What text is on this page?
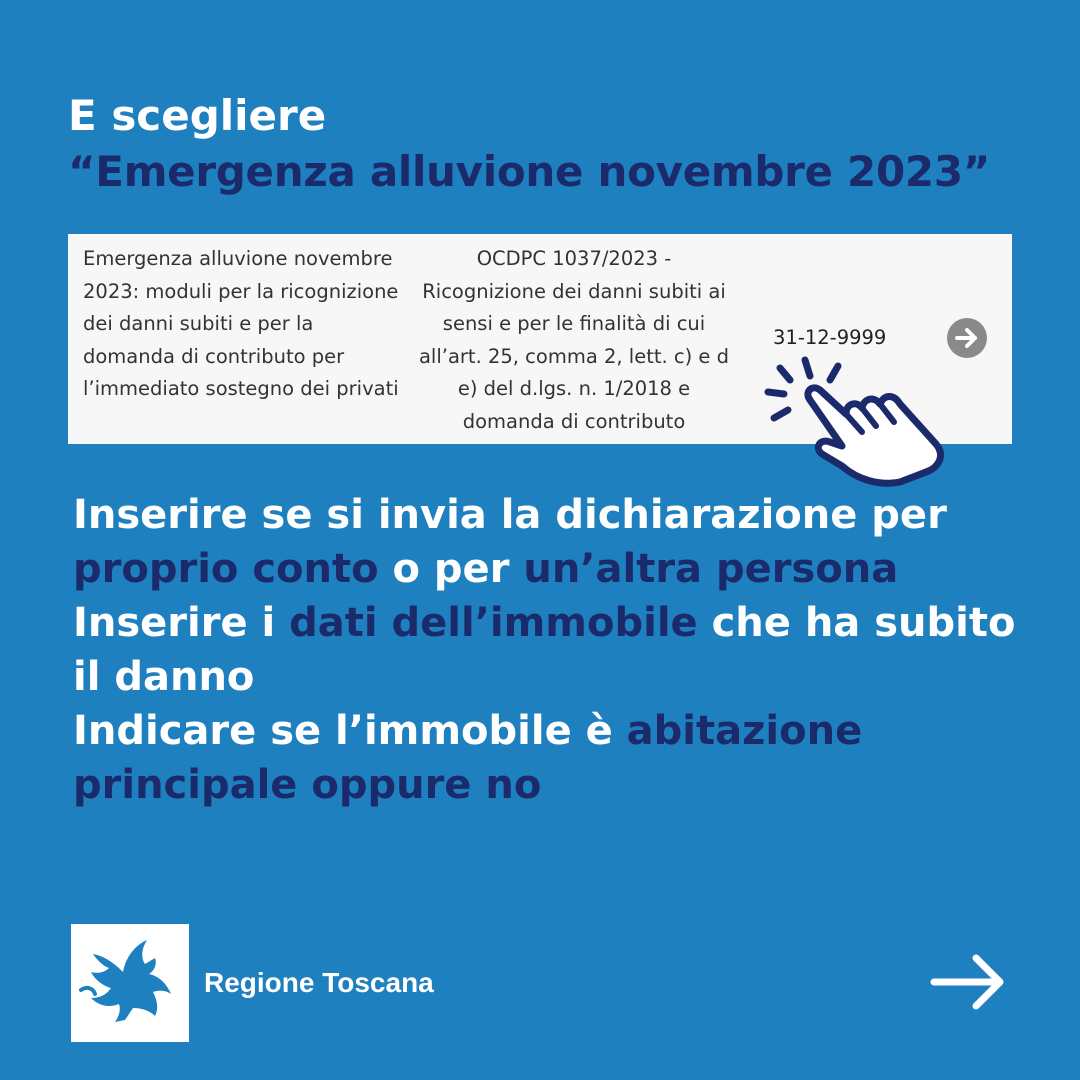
E scegliere
“Emergenza alluvione novembre 2023”
Emergenza alluvione novembre 2023: moduli per la ricognizione dei danni subiti e per la domanda di contributo per l’immediato sostegno dei privati
OCDPC 1037/2023 - Ricognizione dei danni subiti ai sensi e per le finalità di cui all’art. 25, comma 2, lett. c) e d e) del d.lgs. n. 1/2018 e domanda di contributo
31-12-9999
Inserire se si invia la dichiarazione per proprio conto o per un’altra persona
Inserire i dati dell’immobile che ha subito il danno
Indicare se l’immobile è abitazione principale oppure no
Regione Toscana
